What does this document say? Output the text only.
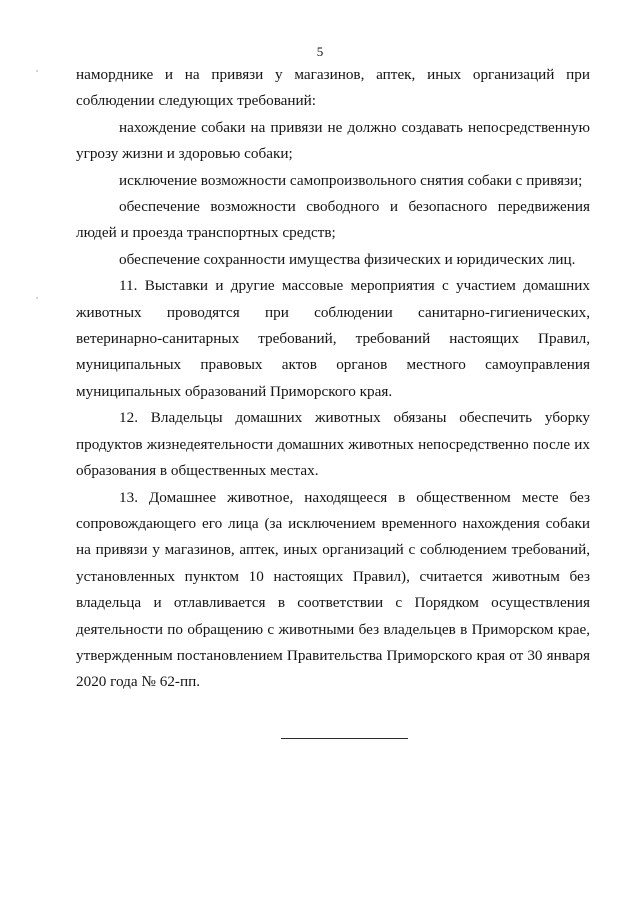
5

наморднике и на привязи у магазинов, аптек, иных организаций при соблюдении следующих требований:

нахождение собаки на привязи не должно создавать непосредственную угрозу жизни и здоровью собаки;

исключение возможности самопроизвольного снятия собаки с привязи;

обеспечение возможности свободного и безопасного передвижения людей и проезда транспортных средств;

обеспечение сохранности имущества физических и юридических лиц.

11. Выставки и другие массовые мероприятия с участием домашних животных проводятся при соблюдении санитарно-гигиенических, ветеринарно-санитарных требований, требований настоящих Правил, муниципальных правовых актов органов местного самоуправления муниципальных образований Приморского края.

12. Владельцы домашних животных обязаны обеспечить уборку продуктов жизнедеятельности домашних животных непосредственно после их образования в общественных местах.

13. Домашнее животное, находящееся в общественном месте без сопровождающего его лица (за исключением временного нахождения собаки на привязи у магазинов, аптек, иных организаций с соблюдением требований, установленных пунктом 10 настоящих Правил), считается животным без владельца и отлавливается в соответствии с Порядком осуществления деятельности по обращению с животными без владельцев в Приморском крае, утвержденным постановлением Правительства Приморского края от 30 января 2020 года № 62-пп.
